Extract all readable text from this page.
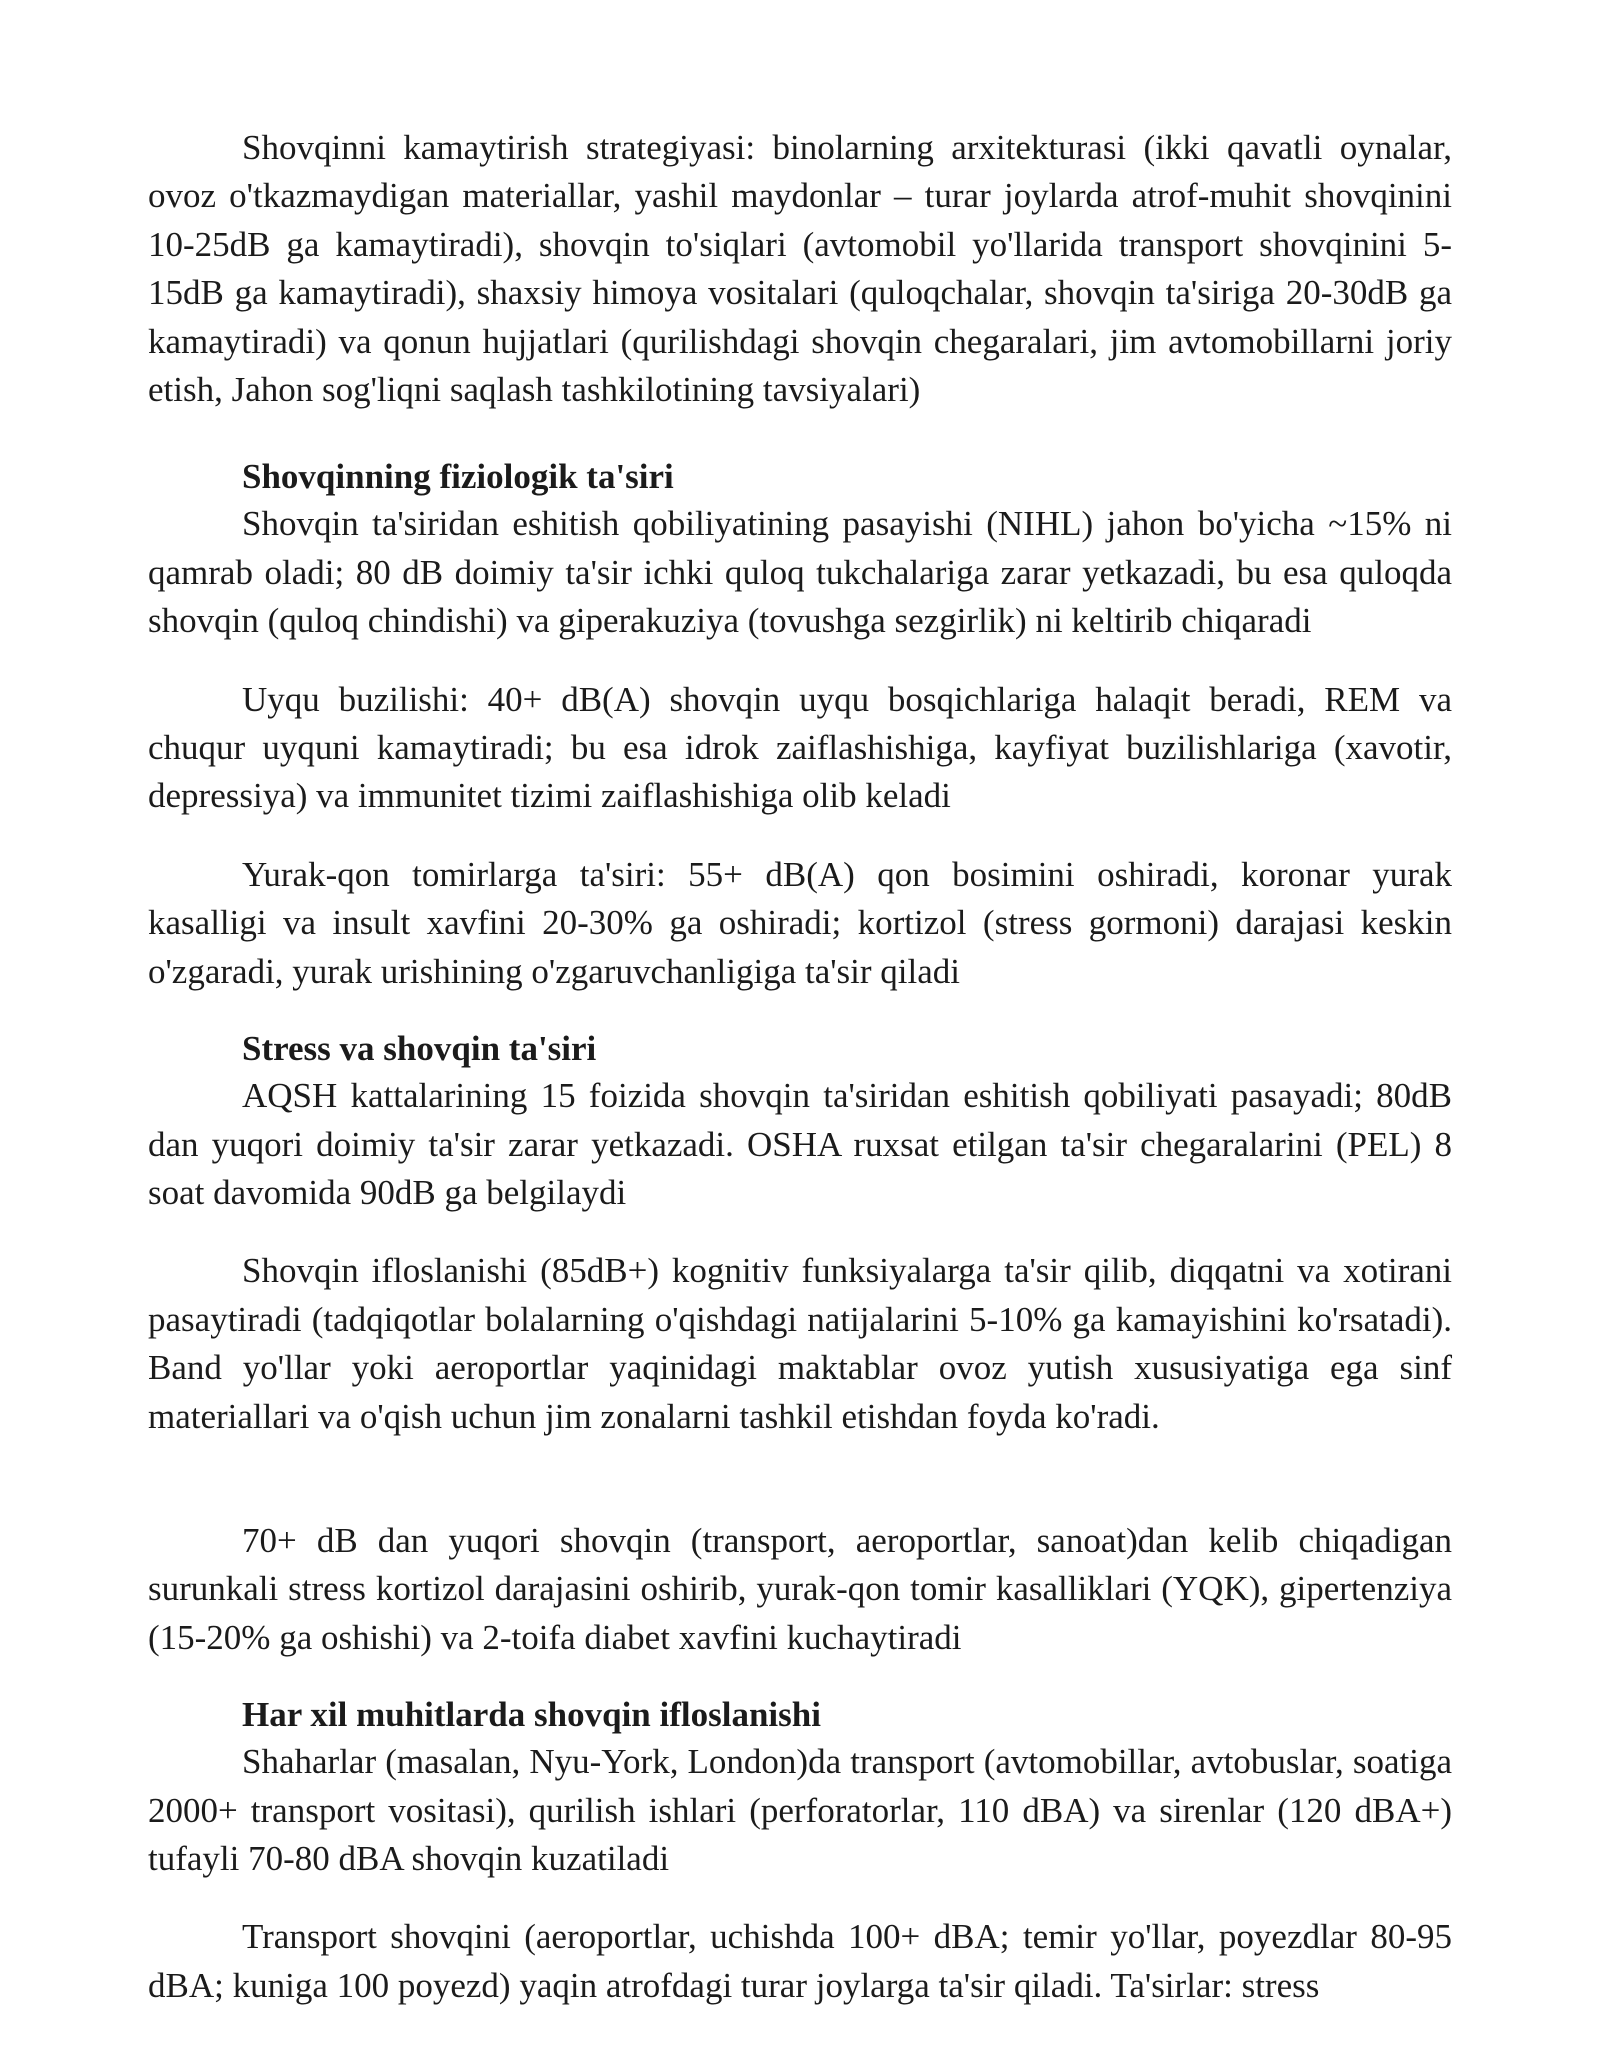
Shovqinni kamaytirish strategiyasi: binolarning arxitekturasi (ikki qavatli oynalar, ovoz o'tkazmaydigan materiallar, yashil maydonlar – turar joylarda atrof-muhit shovqinini 10-25dB ga kamaytiradi), shovqin to'siqlari (avtomobil yo'llarida transport shovqinini 5-15dB ga kamaytiradi), shaxsiy himoya vositalari (quloqchalar, shovqin ta'siriga 20-30dB ga kamaytiradi) va qonun hujjatlari (qurilishdagi shovqin chegaralari, jim avtomobillarni joriy etish, Jahon sog'liqni saqlash tashkilotining tavsiyalari)

Shovqinning fiziologik ta'siri

Shovqin ta'siridan eshitish qobiliyatining pasayishi (NIHL) jahon bo'yicha ~15% ni qamrab oladi; 80 dB doimiy ta'sir ichki quloq tukchalariga zarar yetkazadi, bu esa quloqda shovqin (quloq chindishi) va giperakuziya (tovushga sezgirlik) ni keltirib chiqaradi

Uyqu buzilishi: 40+ dB(A) shovqin uyqu bosqichlariga halaqit beradi, REM va chuqur uyquni kamaytiradi; bu esa idrok zaiflashishiga, kayfiyat buzilishlariga (xavotir, depressiya) va immunitet tizimi zaiflashishiga olib keladi

Yurak-qon tomirlarga ta'siri: 55+ dB(A) qon bosimini oshiradi, koronar yurak kasalligi va insult xavfini 20-30% ga oshiradi; kortizol (stress gormoni) darajasi keskin o'zgaradi, yurak urishining o'zgaruvchanligiga ta'sir qiladi

Stress va shovqin ta'siri

AQSH kattalarining 15 foizida shovqin ta'siridan eshitish qobiliyati pasayadi; 80dB dan yuqori doimiy ta'sir zarar yetkazadi. OSHA ruxsat etilgan ta'sir chegaralarini (PEL) 8 soat davomida 90dB ga belgilaydi

Shovqin ifloslanishi (85dB+) kognitiv funksiyalarga ta'sir qilib, diqqatni va xotirani pasaytiradi (tadqiqotlar bolalarning o'qishdagi natijalarini 5-10% ga kamayishini ko'rsatadi). Band yo'llar yoki aeroportlar yaqinidagi maktablar ovoz yutish xususiyatiga ega sinf materiallari va o'qish uchun jim zonalarni tashkil etishdan foyda ko'radi.

70+ dB dan yuqori shovqin (transport, aeroportlar, sanoat)dan kelib chiqadigan surunkali stress kortizol darajasini oshirib, yurak-qon tomir kasalliklari (YQK), gipertenziya (15-20% ga oshishi) va 2-toifa diabet xavfini kuchaytiradi

Har xil muhitlarda shovqin ifloslanishi

Shaharlar (masalan, Nyu-York, London)da transport (avtomobillar, avtobuslar, soatiga 2000+ transport vositasi), qurilish ishlari (perforatorlar, 110 dBA) va sirenlar (120 dBA+) tufayli 70-80 dBA shovqin kuzatiladi

Transport shovqini (aeroportlar, uchishda 100+ dBA; temir yo'llar, poyezdlar 80-95 dBA; kuniga 100 poyezd) yaqin atrofdagi turar joylarga ta'sir qiladi. Ta'sirlar: stress
